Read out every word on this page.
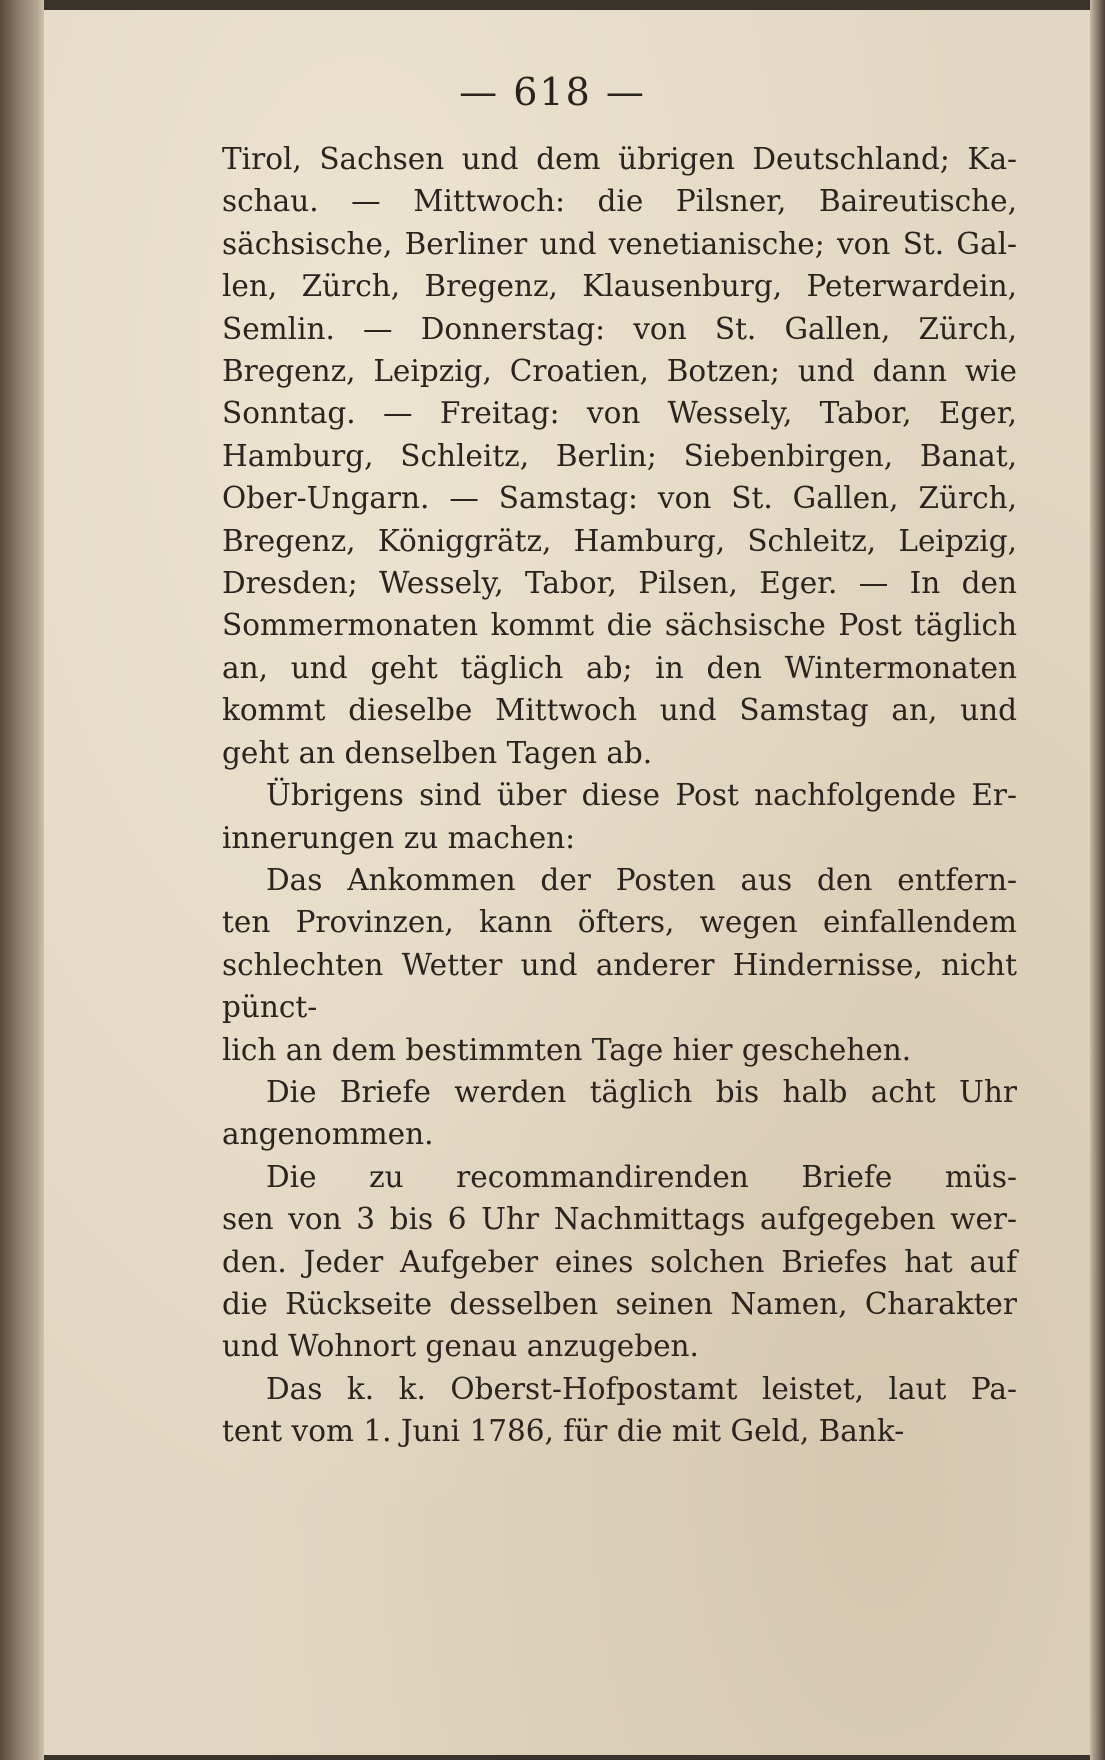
— 618 —

Tirol, Sachsen und dem übrigen Deutschland; Ka-

schau. — Mittwoch: die Pilsner, Baireutische,

sächsische, Berliner und venetianische; von St. Gal-

len, Zürch, Bregenz, Klausenburg, Peterwardein,

Semlin. — Donnerstag: von St. Gallen, Zürch,

Bregenz, Leipzig, Croatien, Botzen; und dann wie

Sonntag. — Freitag: von Wessely, Tabor, Eger,

Hamburg, Schleitz, Berlin; Siebenbirgen, Banat,

Ober-Ungarn. — Samstag: von St. Gallen, Zürch,

Bregenz, Königgrätz, Hamburg, Schleitz, Leipzig,

Dresden; Wessely, Tabor, Pilsen, Eger. — In den

Sommermonaten kommt die sächsische Post täglich

an, und geht täglich ab; in den Wintermonaten

kommt dieselbe Mittwoch und Samstag an, und

geht an denselben Tagen ab.

Übrigens sind über diese Post nachfolgende Er-

innerungen zu machen:

Das Ankommen der Posten aus den entfern-

ten Provinzen, kann öfters, wegen einfallendem

schlechten Wetter und anderer Hindernisse, nicht pünct-

lich an dem bestimmten Tage hier geschehen.

Die Briefe werden täglich bis halb acht Uhr

angenommen.

Die zu recommandirenden Briefe müs-

sen von 3 bis 6 Uhr Nachmittags aufgegeben wer-

den. Jeder Aufgeber eines solchen Briefes hat auf

die Rückseite desselben seinen Namen, Charakter

und Wohnort genau anzugeben.

Das k. k. Oberst-Hofpostamt leistet, laut Pa-

tent vom 1. Juni 1786, für die mit Geld, Bank-
